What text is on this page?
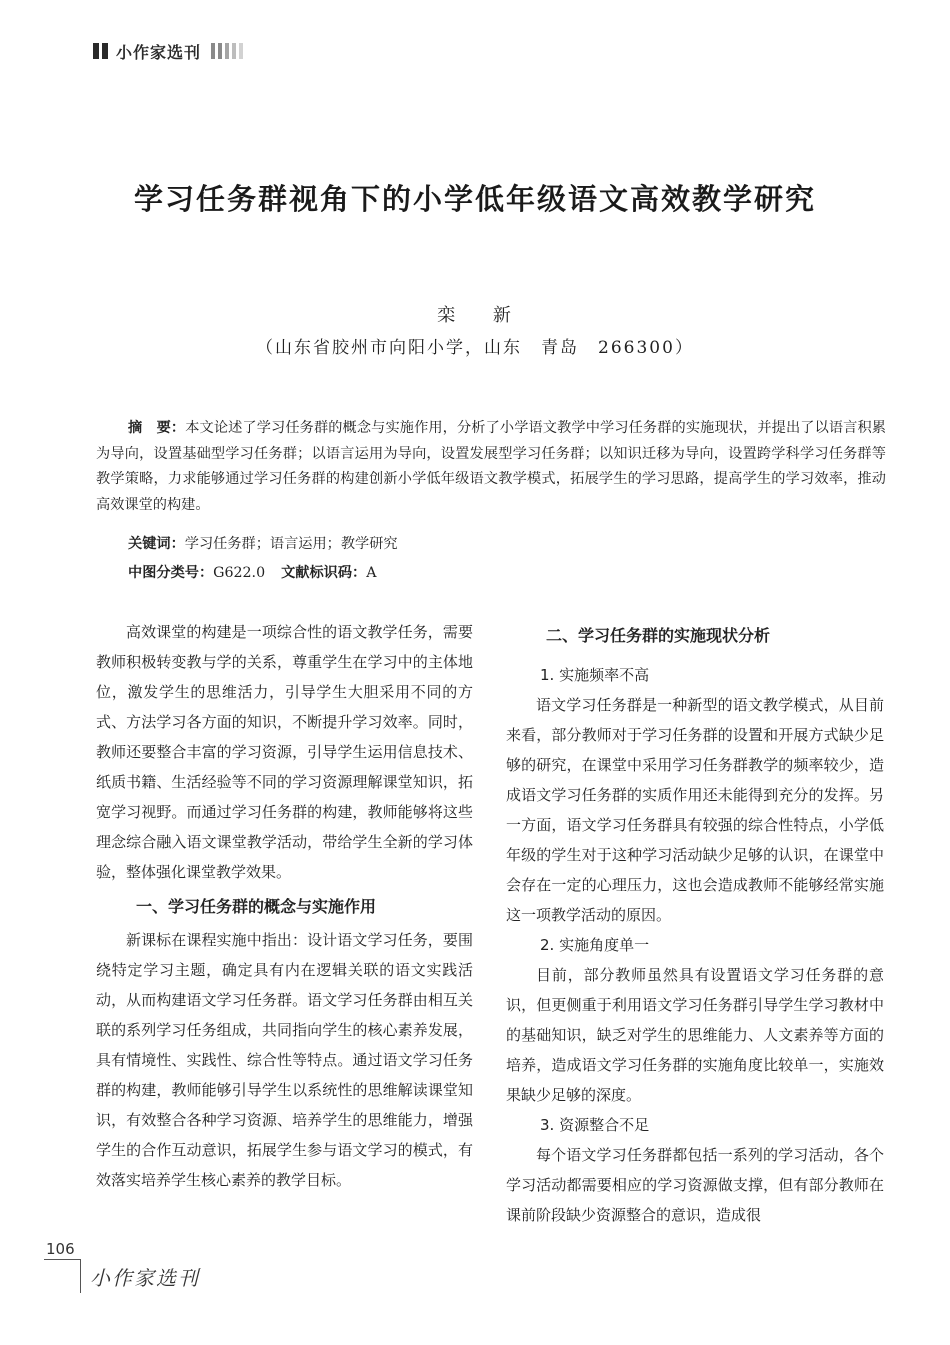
小作家选刊
学习任务群视角下的小学低年级语文高效教学研究
栾 新
（山东省胶州市向阳小学，山东　青岛　266300）
摘　要：本文论述了学习任务群的概念与实施作用，分析了小学语文教学中学习任务群的实施现状，并提出了以语言积累为导向，设置基础型学习任务群；以语言运用为导向，设置发展型学习任务群；以知识迁移为导向，设置跨学科学习任务群等教学策略，力求能够通过学习任务群的构建创新小学低年级语文教学模式，拓展学生的学习思路，提高学生的学习效率，推动高效课堂的构建。
关键词：学习任务群；语言运用；教学研究
中图分类号：G622.0 文献标识码：A

高效课堂的构建是一项综合性的语文教学任务，需要教师积极转变教与学的关系，尊重学生在学习中的主体地位，激发学生的思维活力，引导学生大胆采用不同的方式、方法学习各方面的知识，不断提升学习效率。同时，教师还要整合丰富的学习资源，引导学生运用信息技术、纸质书籍、生活经验等不同的学习资源理解课堂知识，拓宽学习视野。而通过学习任务群的构建，教师能够将这些理念综合融入语文课堂教学活动，带给学生全新的学习体验，整体强化课堂教学效果。

一、学习任务群的概念与实施作用

新课标在课程实施中指出：设计语文学习任务，要围绕特定学习主题，确定具有内在逻辑关联的语文实践活动，从而构建语文学习任务群。语文学习任务群由相互关联的系列学习任务组成，共同指向学生的核心素养发展，具有情境性、实践性、综合性等特点。通过语文学习任务群的构建，教师能够引导学生以系统性的思维解读课堂知识，有效整合各种学习资源、培养学生的思维能力，增强学生的合作互动意识，拓展学生参与语文学习的模式，有效落实培养学生核心素养的教学目标。

二、学习任务群的实施现状分析
1. 实施频率不高

语文学习任务群是一种新型的语文教学模式，从目前来看，部分教师对于学习任务群的设置和开展方式缺少足够的研究，在课堂中采用学习任务群教学的频率较少，造成语文学习任务群的实质作用还未能得到充分的发挥。另一方面，语文学习任务群具有较强的综合性特点，小学低年级的学生对于这种学习活动缺少足够的认识，在课堂中会存在一定的心理压力，这也会造成教师不能够经常实施这一项教学活动的原因。

2. 实施角度单一

目前，部分教师虽然具有设置语文学习任务群的意识，但更侧重于利用语文学习任务群引导学生学习教材中的基础知识，缺乏对学生的思维能力、人文素养等方面的培养，造成语文学习任务群的实施角度比较单一，实施效果缺少足够的深度。

3. 资源整合不足

每个语文学习任务群都包括一系列的学习活动，各个学习活动都需要相应的学习资源做支撑，但有部分教师在课前阶段缺少资源整合的意识，造成很

106
小作家选刊
